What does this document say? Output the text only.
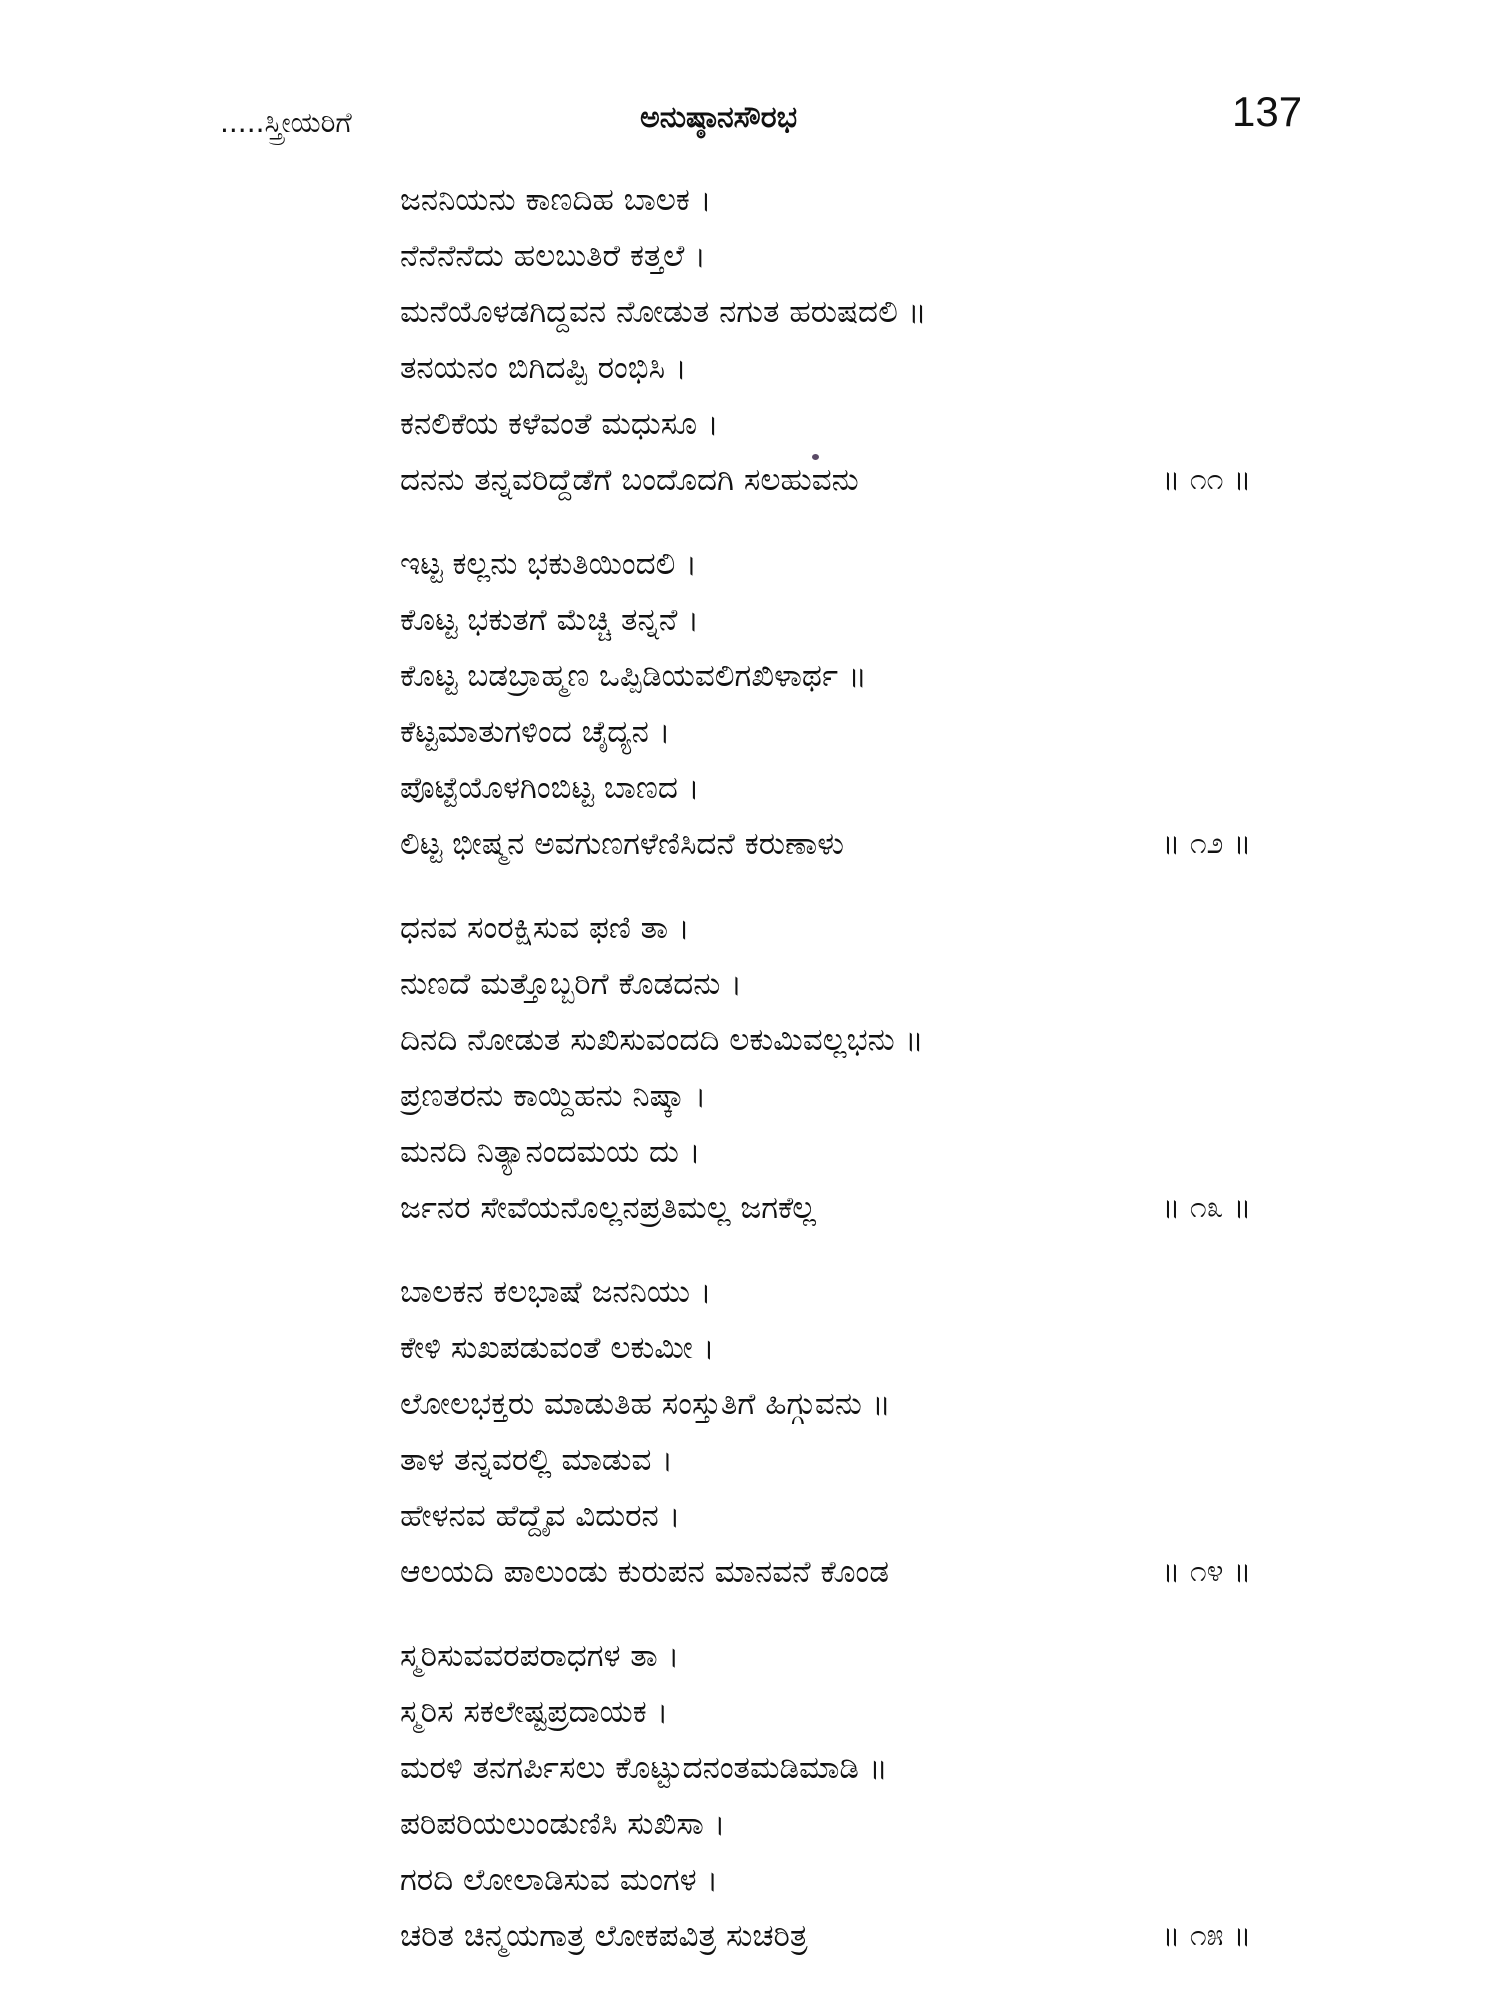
.....ಸ್ತ್ರೀಯರಿಗೆ	ಅನುಷ್ಠಾನಸೌರಭ	137
ಜನನಿಯನು ಕಾಣದಿಹ ಬಾಲಕ ।
ನೆನೆನೆನೆದು ಹಲಬುತಿರೆ ಕತ್ತಲೆ ।
ಮನೆಯೊಳಡಗಿದ್ದವನ ನೋಡುತ ನಗುತ ಹರುಷದಲಿ ॥
ತನಯನಂ ಬಿಗಿದಪ್ಪಿ ರಂಭಿಸಿ ।
ಕನಲಿಕೆಯ ಕಳೆವಂತೆ ಮಧುಸೂ ।
ದನನು ತನ್ನವರಿದ್ದೆಡೆಗೆ ಬಂದೊದಗಿ ಸಲಹುವನು	॥ ೧೧ ॥
ಇಟ್ಟ ಕಲ್ಲನು ಭಕುತಿಯಿಂದಲಿ ।
ಕೊಟ್ಟ ಭಕುತಗೆ ಮೆಚ್ಚಿ ತನ್ನನೆ ।
ಕೊಟ್ಟ ಬಡಬ್ರಾಹ್ಮಣ ಒಪ್ಪಿಡಿಯವಲಿಗಖಿಳಾರ್ಥ ॥
ಕೆಟ್ಟಮಾತುಗಳಿಂದ ಚೈದ್ಯನ ।
ಪೊಟ್ಟೆಯೊಳಗಿಂಬಿಟ್ಟ ಬಾಣದ ।
ಲಿಟ್ಟ ಭೀಷ್ಮನ ಅವಗುಣಗಳೆಣಿಸಿದನೆ ಕರುಣಾಳು	॥ ೧೨ ॥
ಧನವ ಸಂರಕ್ಷಿಸುವ ಫಣಿ ತಾ ।
ನುಣದೆ ಮತ್ತೊಬ್ಬರಿಗೆ ಕೊಡದನು ।
ದಿನದಿ ನೋಡುತ ಸುಖಿಸುವಂದದಿ ಲಕುಮಿವಲ್ಲಭನು ॥
ಪ್ರಣತರನು ಕಾಯ್ದಿಹನು ನಿಷ್ಕಾ ।
ಮನದಿ ನಿತ್ಯಾನಂದಮಯ ದು ।
ರ್ಜನರ ಸೇವೆಯನೊಲ್ಲನಪ್ರತಿಮಲ್ಲ ಜಗಕೆಲ್ಲ	॥ ೧೩ ॥
ಬಾಲಕನ ಕಲಭಾಷೆ ಜನನಿಯು ।
ಕೇಳಿ ಸುಖಪಡುವಂತೆ ಲಕುಮೀ ।
ಲೋಲಭಕ್ತರು ಮಾಡುತಿಹ ಸಂಸ್ತುತಿಗೆ ಹಿಗ್ಗುವನು ॥
ತಾಳ ತನ್ನವರಲ್ಲಿ ಮಾಡುವ ।
ಹೇಳನವ ಹೆದ್ದೈವ ವಿದುರನ ।
ಆಲಯದಿ ಪಾಲುಂಡು ಕುರುಪನ ಮಾನವನೆ ಕೊಂಡ	॥ ೧೪ ॥
ಸ್ಮರಿಸುವವರಪರಾಧಗಳ ತಾ ।
ಸ್ಮರಿಸ ಸಕಲೇಷ್ಟಪ್ರದಾಯಕ ।
ಮರಳಿ ತನಗರ್ಪಿಸಲು ಕೊಟ್ಟುದನಂತಮಡಿಮಾಡಿ ॥
ಪರಿಪರಿಯಲುಂಡುಣಿಸಿ ಸುಖಿಸಾ ।
ಗರದಿ ಲೋಲಾಡಿಸುವ ಮಂಗಳ ।
ಚರಿತ ಚಿನ್ಮಯಗಾತ್ರ ಲೋಕಪವಿತ್ರ ಸುಚರಿತ್ರ	॥ ೧೫ ॥
